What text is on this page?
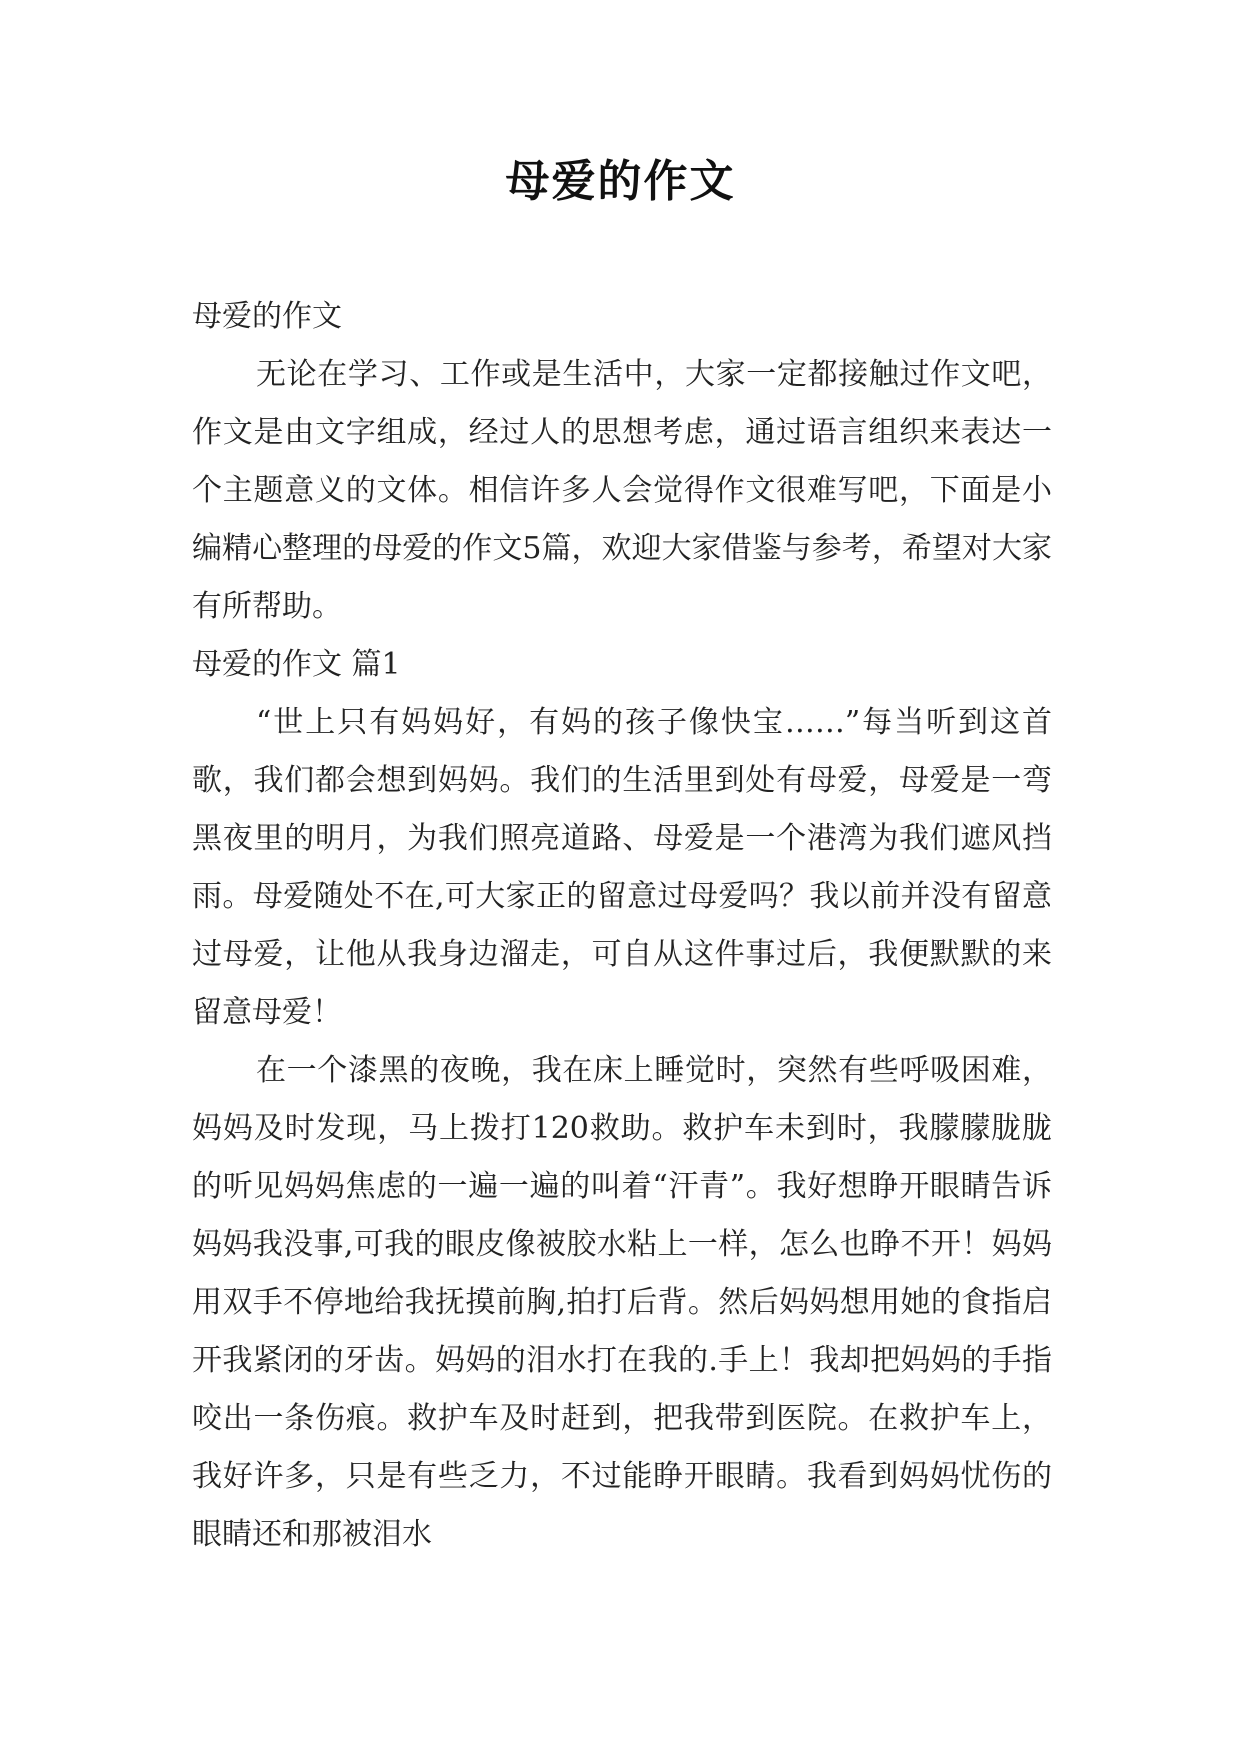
母爱的作文

母爱的作文

无论在学习、工作或是生活中，大家一定都接触过作文吧，作文是由文字组成，经过人的思想考虑，通过语言组织来表达一个主题意义的文体。相信许多人会觉得作文很难写吧，下面是小编精心整理的母爱的作文5篇，欢迎大家借鉴与参考，希望对大家有所帮助。

母爱的作文 篇1

“世上只有妈妈好，有妈的孩子像快宝……”每当听到这首歌，我们都会想到妈妈。我们的生活里到处有母爱，母爱是一弯黑夜里的明月，为我们照亮道路、母爱是一个港湾为我们遮风挡雨。母爱随处不在,可大家正的留意过母爱吗？我以前并没有留意过母爱，让他从我身边溜走，可自从这件事过后，我便默默的来留意母爱！

在一个漆黑的夜晚，我在床上睡觉时，突然有些呼吸困难，妈妈及时发现，马上拨打120救助。救护车未到时，我朦朦胧胧的听见妈妈焦虑的一遍一遍的叫着“汗青”。我好想睁开眼睛告诉妈妈我没事,可我的眼皮像被胶水粘上一样，怎么也睁不开！妈妈用双手不停地给我抚摸前胸,拍打后背。然后妈妈想用她的食指启开我紧闭的牙齿。妈妈的泪水打在我的.手上！我却把妈妈的手指咬出一条伤痕。救护车及时赶到，把我带到医院。在救护车上，我好许多，只是有些乏力，不过能睁开眼睛。我看到妈妈忧伤的眼睛还和那被泪水
